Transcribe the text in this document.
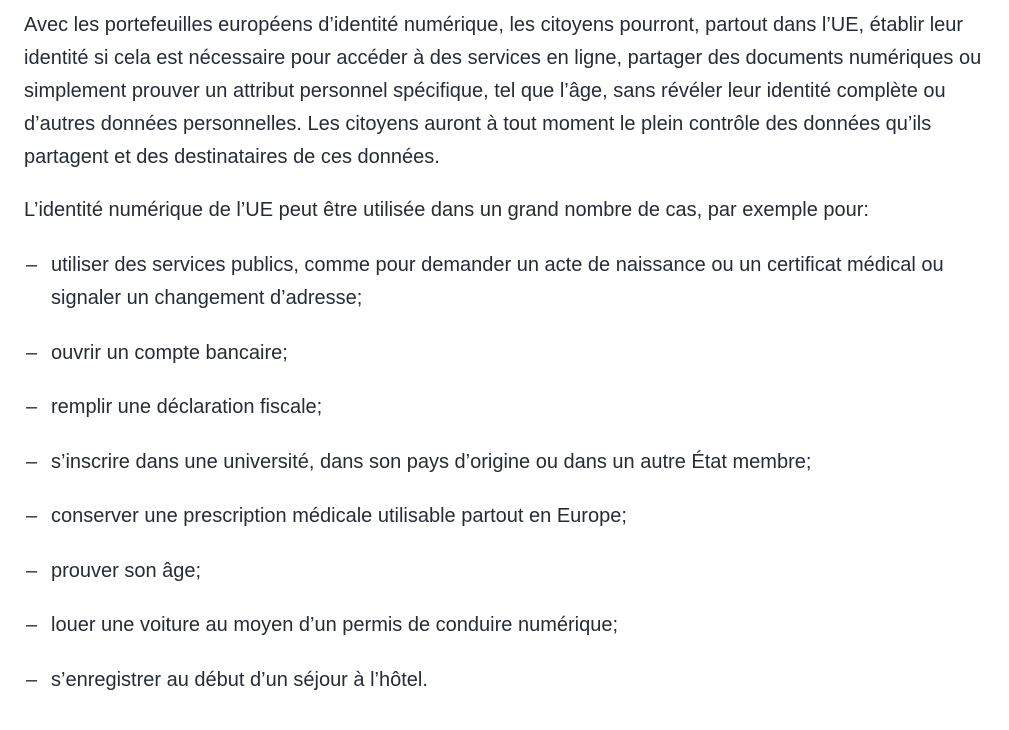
Avec les portefeuilles européens d’identité numérique, les citoyens pourront, partout dans l’UE, établir leur identité si cela est nécessaire pour accéder à des services en ligne, partager des documents numériques ou simplement prouver un attribut personnel spécifique, tel que l’âge, sans révéler leur identité complète ou d’autres données personnelles. Les citoyens auront à tout moment le plein contrôle des données qu’ils partagent et des destinataires de ces données.

L’identité numérique de l’UE peut être utilisée dans un grand nombre de cas, par exemple pour:

– utiliser des services publics, comme pour demander un acte de naissance ou un certificat médical ou signaler un changement d’adresse;
– ouvrir un compte bancaire;
– remplir une déclaration fiscale;
– s’inscrire dans une université, dans son pays d’origine ou dans un autre État membre;
– conserver une prescription médicale utilisable partout en Europe;
– prouver son âge;
– louer une voiture au moyen d’un permis de conduire numérique;
– s’enregistrer au début d’un séjour à l’hôtel.
